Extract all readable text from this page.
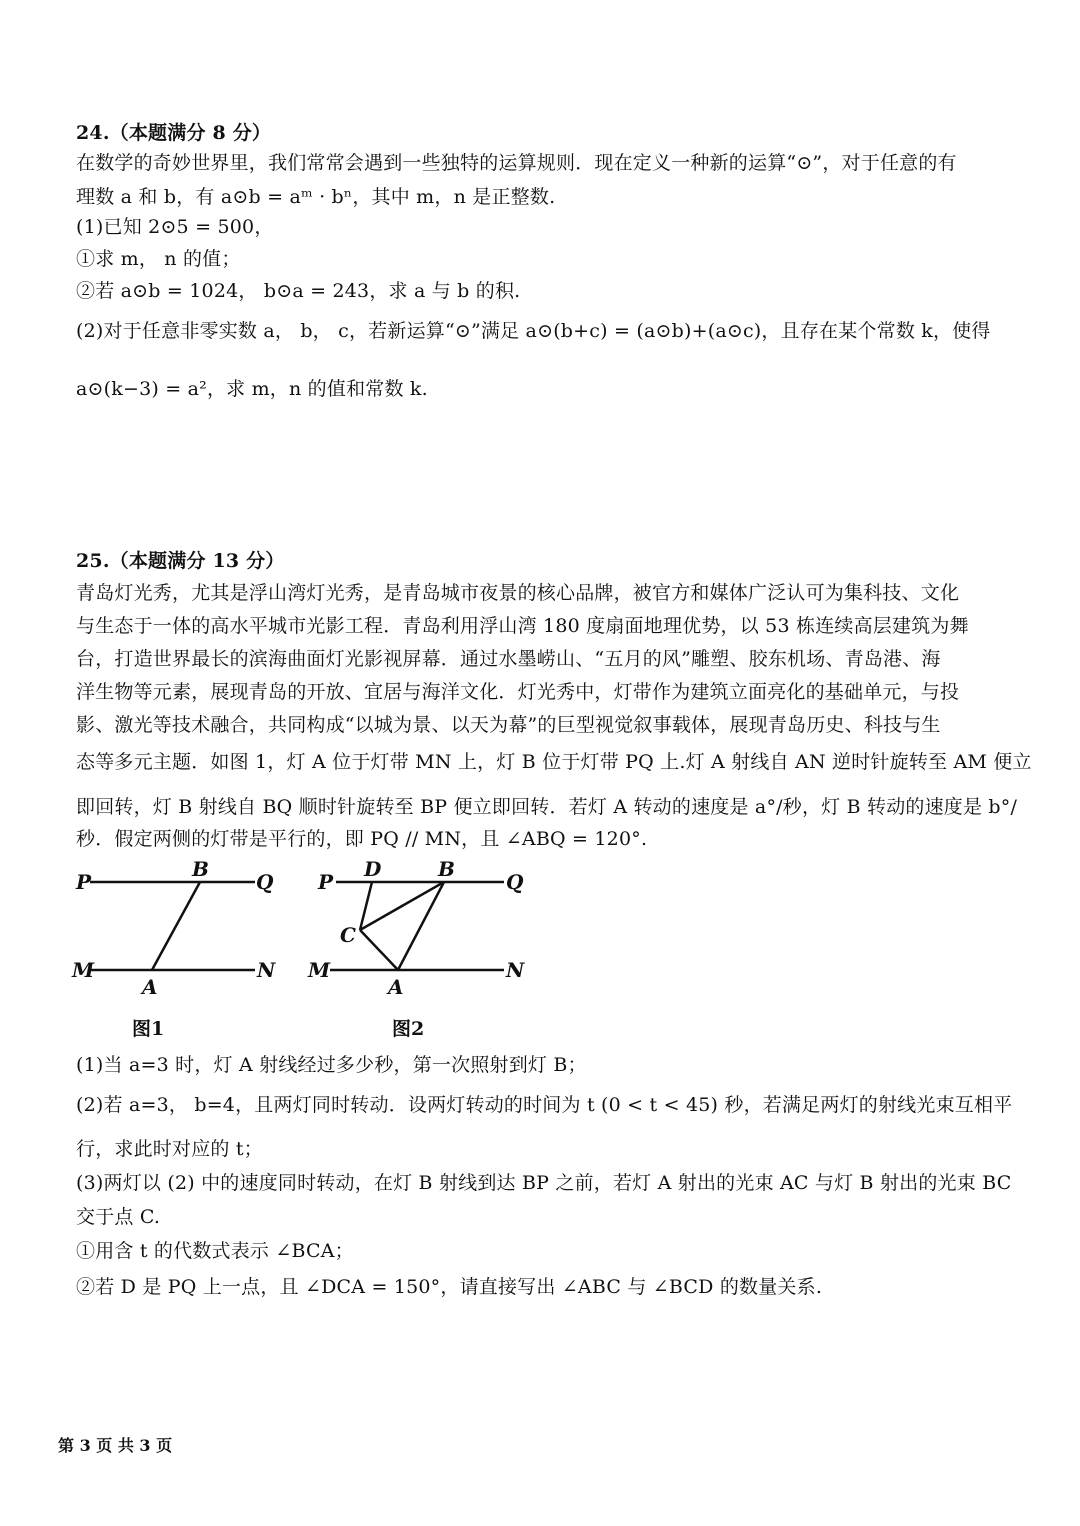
24.（本题满分 8 分）
在数学的奇妙世界里，我们常常会遇到一些独特的运算规则．现在定义一种新的运算“⊙”，对于任意的有
理数 a 和 b，有 a⊙b = aᵐ · bⁿ，其中 m，n 是正整数.
(1)已知 2⊙5 = 500，
①求 m， n 的值；
②若 a⊙b = 1024， b⊙a = 243，求 a 与 b 的积.
(2)对于任意非零实数 a， b， c，若新运算“⊙”满足 a⊙(b+c) = (a⊙b)+(a⊙c)，且存在某个常数 k，使得
a⊙(k−3) = a²，求 m，n 的值和常数 k.
25.（本题满分 13 分）
青岛灯光秀，尤其是浮山湾灯光秀，是青岛城市夜景的核心品牌，被官方和媒体广泛认可为集科技、文化
与生态于一体的高水平城市光影工程．青岛利用浮山湾 180 度扇面地理优势，以 53 栋连续高层建筑为舞
台，打造世界最长的滨海曲面灯光影视屏幕．通过水墨崂山、“五月的风”雕塑、胶东机场、青岛港、海
洋生物等元素，展现青岛的开放、宜居与海洋文化．灯光秀中，灯带作为建筑立面亮化的基础单元，与投
影、激光等技术融合，共同构成“以城为景、以天为幕”的巨型视觉叙事载体，展现青岛历史、科技与生
态等多元主题．如图 1，灯 A 位于灯带 MN 上，灯 B 位于灯带 PQ 上.灯 A 射线自 AN 逆时针旋转至 AM 便立
即回转，灯 B 射线自 BQ 顺时针旋转至 BP 便立即回转．若灯 A 转动的速度是 a°/秒，灯 B 转动的速度是 b°/
秒．假定两侧的灯带是平行的，即 PQ // MN，且 ∠ABQ = 120°.
P	Q
B
M	N
A
图1
P	Q
D	B
C
M	N
A
图2
(1)当 a=3 时，灯 A 射线经过多少秒，第一次照射到灯 B；
(2)若 a=3， b=4，且两灯同时转动．设两灯转动的时间为 t (0 < t < 45) 秒，若满足两灯的射线光束互相平
行，求此时对应的 t；
(3)两灯以 (2) 中的速度同时转动，在灯 B 射线到达 BP 之前，若灯 A 射出的光束 AC 与灯 B 射出的光束 BC
交于点 C.
①用含 t 的代数式表示 ∠BCA；
②若 D 是 PQ 上一点，且 ∠DCA = 150°，请直接写出 ∠ABC 与 ∠BCD 的数量关系.
第 3 页 共 3 页
